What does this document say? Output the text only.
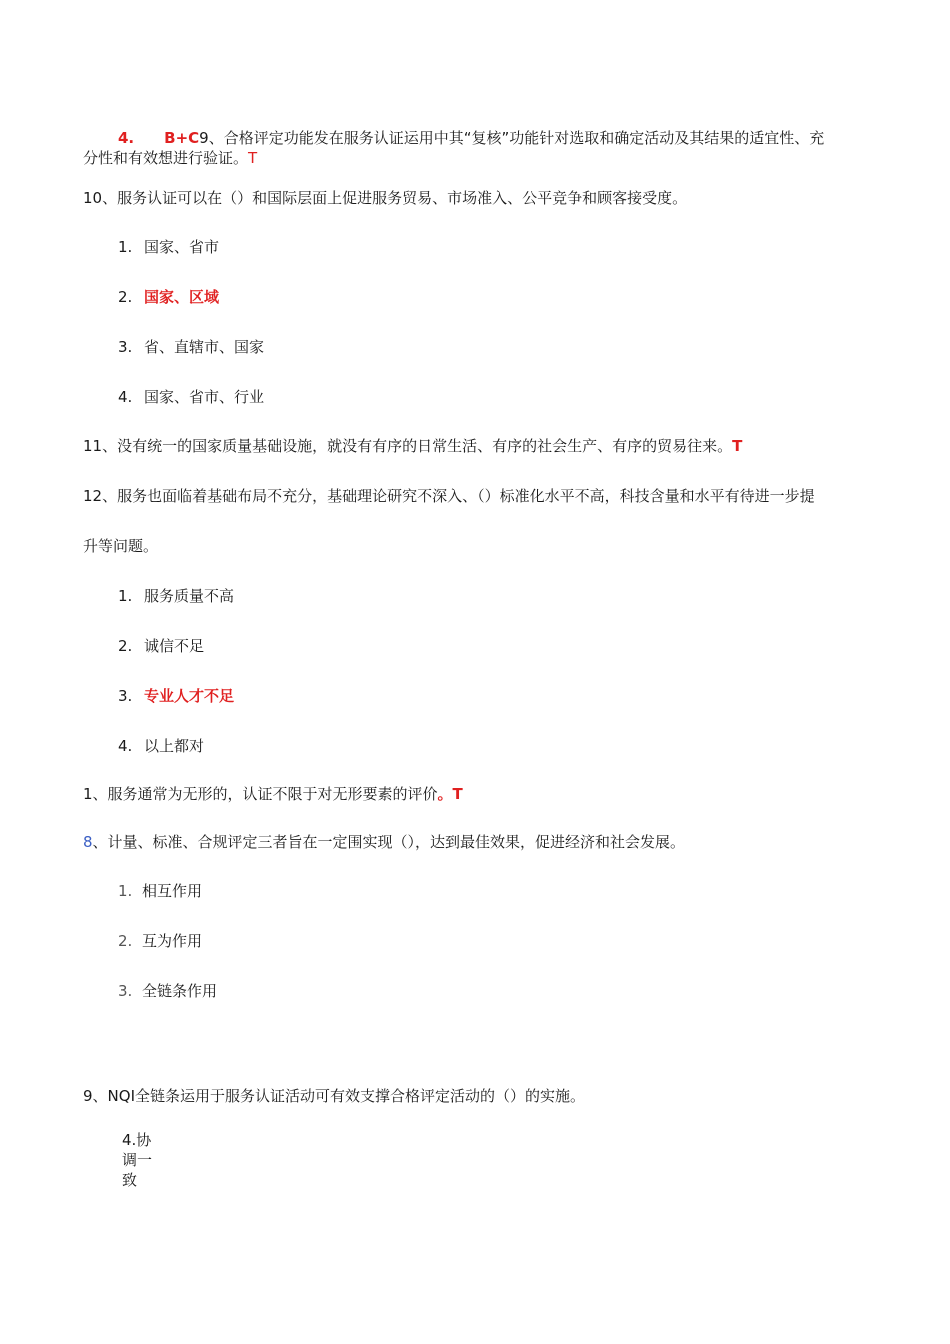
4. B+C9、合格评定功能发在服务认证运用中其“复核”功能针对选取和确定活动及其结果的适宜性、充
分性和有效想进行验证。T
10、服务认证可以在（）和国际层面上促进服务贸易、市场准入、公平竞争和顾客接受度。
1. 国家、省市
2. 国家、区域
3. 省、直辖市、国家
4. 国家、省市、行业
11、没有统一的国家质量基础设施，就没有有序的日常生活、有序的社会生产、有序的贸易往来。T
12、服务也面临着基础布局不充分，基础理论研究不深入、（）标准化水平不高，科技含量和水平有待进一步提
升等问题。
1. 服务质量不高
2. 诚信不足
3. 专业人才不足
4. 以上都对
1、服务通常为无形的，认证不限于对无形要素的评价。T
8、计量、标准、合规评定三者旨在一定围实现（），达到最佳效果，促进经济和社会发展。
1. 相互作用
2. 互为作用
3. 全链条作用
9、NQI全链条运用于服务认证活动可有效支撑合格评定活动的（）的实施。
4.协调一致
